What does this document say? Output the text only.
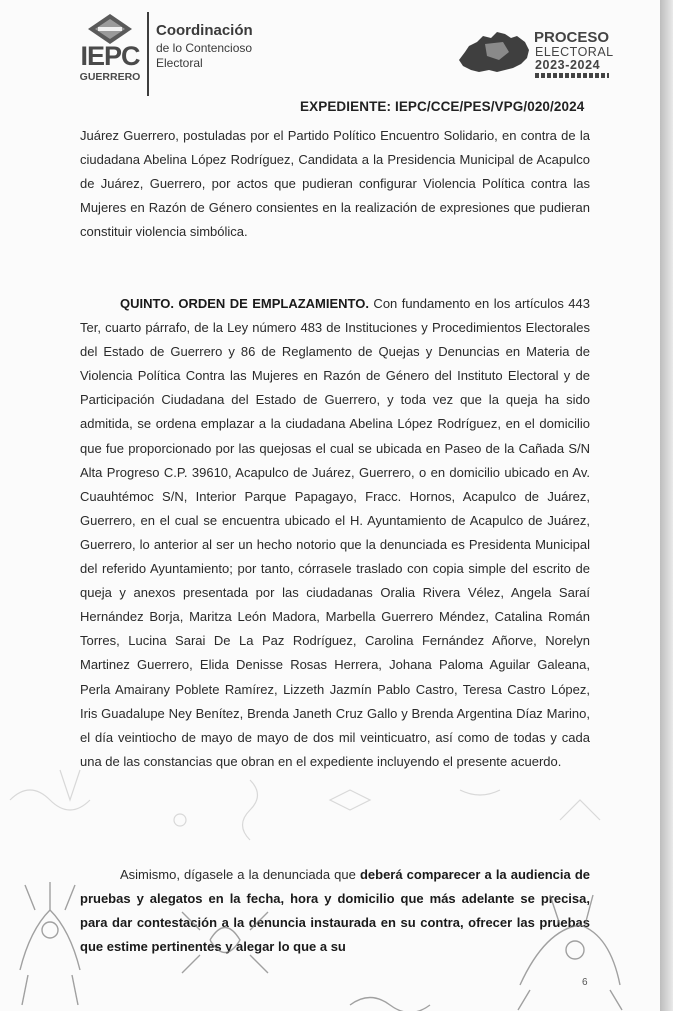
IEPC
GUERRERO
Coordinación
de lo Contencioso
Electoral
PROCESO
ELECTORAL
2023-2024
EXPEDIENTE: IEPC/CCE/PES/VPG/020/2024

Juárez Guerrero, postuladas por el Partido Político Encuentro Solidario, en contra de la ciudadana Abelina López Rodríguez, Candidata a la Presidencia Municipal de Acapulco de Juárez, Guerrero, por actos que pudieran configurar Violencia Política contra las Mujeres en Razón de Género consientes en la realización de expresiones que pudieran constituir violencia simbólica.

QUINTO. ORDEN DE EMPLAZAMIENTO. Con fundamento en los artículos 443 Ter, cuarto párrafo, de la Ley número 483 de Instituciones y Procedimientos Electorales del Estado de Guerrero y 86 de Reglamento de Quejas y Denuncias en Materia de Violencia Política Contra las Mujeres en Razón de Género del Instituto Electoral y de Participación Ciudadana del Estado de Guerrero, y toda vez que la queja ha sido admitida, se ordena emplazar a la ciudadana Abelina López Rodríguez, en el domicilio que fue proporcionado por las quejosas el cual se ubicada en Paseo de la Cañada S/N Alta Progreso C.P. 39610, Acapulco de Juárez, Guerrero, o en domicilio ubicado en Av. Cuauhtémoc S/N, Interior Parque Papagayo, Fracc. Hornos, Acapulco de Juárez, Guerrero, en el cual se encuentra ubicado el H. Ayuntamiento de Acapulco de Juárez, Guerrero, lo anterior al ser un hecho notorio que la denunciada es Presidenta Municipal del referido Ayuntamiento; por tanto, córrasele traslado con copia simple del escrito de queja y anexos presentada por las ciudadanas Oralia Rivera Vélez, Angela Saraí Hernández Borja, Maritza León Madora, Marbella Guerrero Méndez, Catalina Román Torres, Lucina Sarai De La Paz Rodríguez, Carolina Fernández Añorve, Norelyn Martinez Guerrero, Elida Denisse Rosas Herrera, Johana Paloma Aguilar Galeana, Perla Amairany Poblete Ramírez, Lizzeth Jazmín Pablo Castro, Teresa Castro López, Iris Guadalupe Ney Benítez, Brenda Janeth Cruz Gallo y Brenda Argentina Díaz Marino, el día veintiocho de mayo de mayo de dos mil veinticuatro, así como de todas y cada una de las constancias que obran en el expediente incluyendo el presente acuerdo.

Asimismo, dígasele a la denunciada que deberá comparecer a la audiencia de pruebas y alegatos en la fecha, hora y domicilio que más adelante se precisa, para dar contestación a la denuncia instaurada en su contra, ofrecer las pruebas que estime pertinentes y alegar lo que a su

6
